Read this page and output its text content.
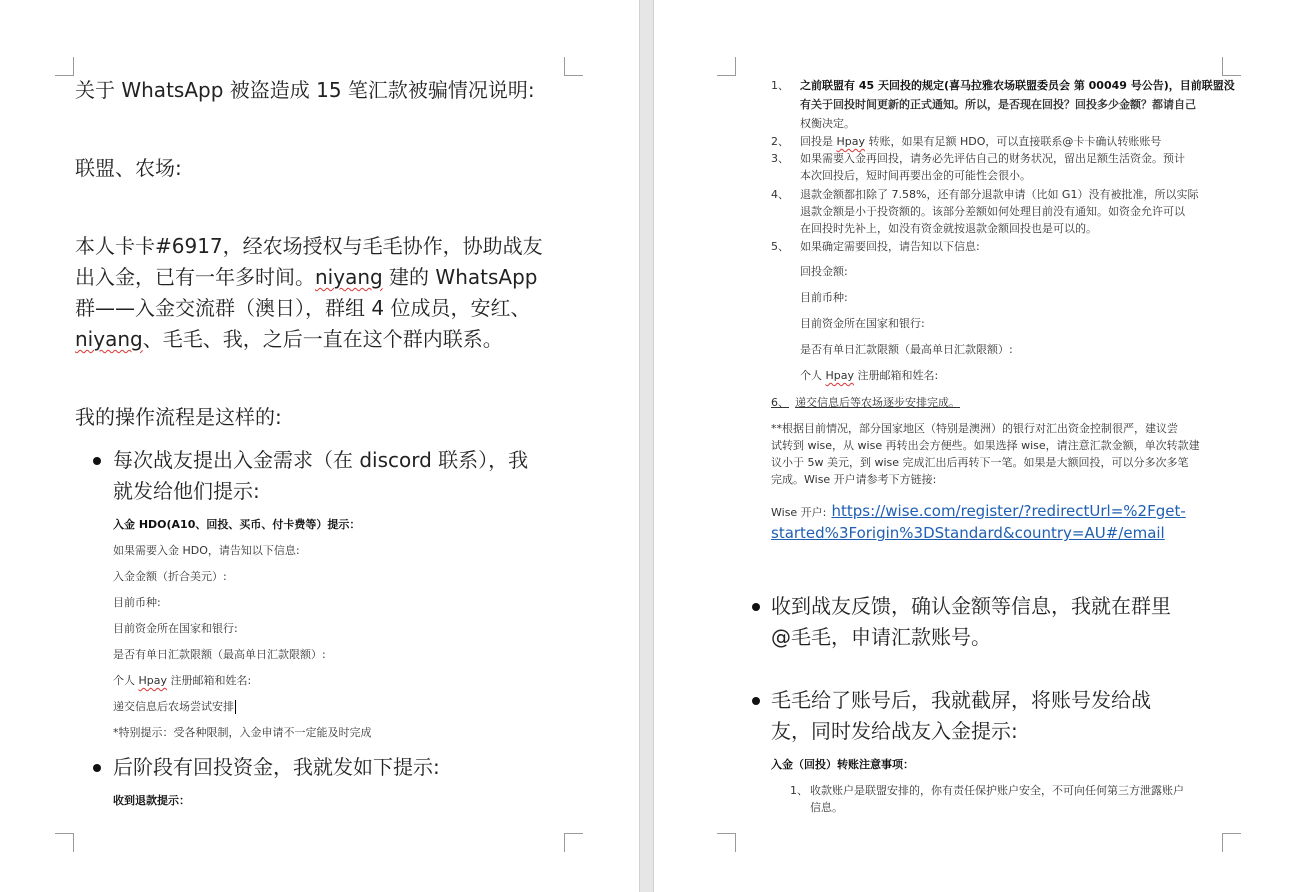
关于 WhatsApp 被盗造成 15 笔汇款被骗情况说明:
联盟、农场:
本人卡卡#6917，经农场授权与毛毛协作，协助战友
出入金，已有一年多时间。niyang 建的 WhatsApp
群——入金交流群（澳日），群组 4 位成员，安红、
niyang、毛毛、我，之后一直在这个群内联系。
我的操作流程是这样的:
每次战友提出入金需求（在 discord 联系），我
就发给他们提示:
入金 HDO(A10、回投、买币、付卡费等）提示：
如果需要入金 HDO，请告知以下信息:
入金金额（折合美元）:
目前币种:
目前资金所在国家和银行:
是否有单日汇款限额（最高单日汇款限额）:
个人 Hpay 注册邮箱和姓名:
递交信息后农场尝试安排
*特别提示：受各种限制，入金申请不一定能及时完成
后阶段有回投资金，我就发如下提示:
收到退款提示：
1、 之前联盟有 45 天回投的规定(喜马拉雅农场联盟委员会 第 00049 号公告)，目前联盟没
有关于回投时间更新的正式通知。所以，是否现在回投？回投多少金额？都请自己
权衡决定。
2、 回投是 Hpay 转账，如果有足额 HDO，可以直接联系@卡卡确认转账账号
3、 如果需要入金再回投，请务必先评估自己的财务状况，留出足额生活资金。预计
本次回投后，短时间再要出金的可能性会很小。
4、 退款金额都扣除了 7.58%，还有部分退款申请（比如 G1）没有被批准，所以实际
退款金额是小于投资额的。该部分差额如何处理目前没有通知。如资金允许可以
在回投时先补上，如没有资金就按退款金额回投也是可以的。
5、 如果确定需要回投，请告知以下信息:
回投金额:
目前币种:
目前资金所在国家和银行:
是否有单日汇款限额（最高单日汇款限额）:
个人 Hpay 注册邮箱和姓名:
6、 递交信息后等农场逐步安排完成。
**根据目前情况，部分国家地区（特别是澳洲）的银行对汇出资金控制很严，建议尝
试转到 wise，从 wise 再转出会方便些。如果选择 wise，请注意汇款金额，单次转款建
议小于 5w 美元，到 wise 完成汇出后再转下一笔。如果是大额回投，可以分多次多笔
完成。Wise 开户请参考下方链接:
Wise 开户: https://wise.com/register/?redirectUrl=%2Fget-
started%3Forigin%3DStandard&country=AU#/email
收到战友反馈，确认金额等信息，我就在群里
@毛毛，申请汇款账号。
毛毛给了账号后，我就截屏，将账号发给战
友，同时发给战友入金提示:
入金（回投）转账注意事项：
1、 收款账户是联盟安排的，你有责任保护账户安全，不可向任何第三方泄露账户
信息。
